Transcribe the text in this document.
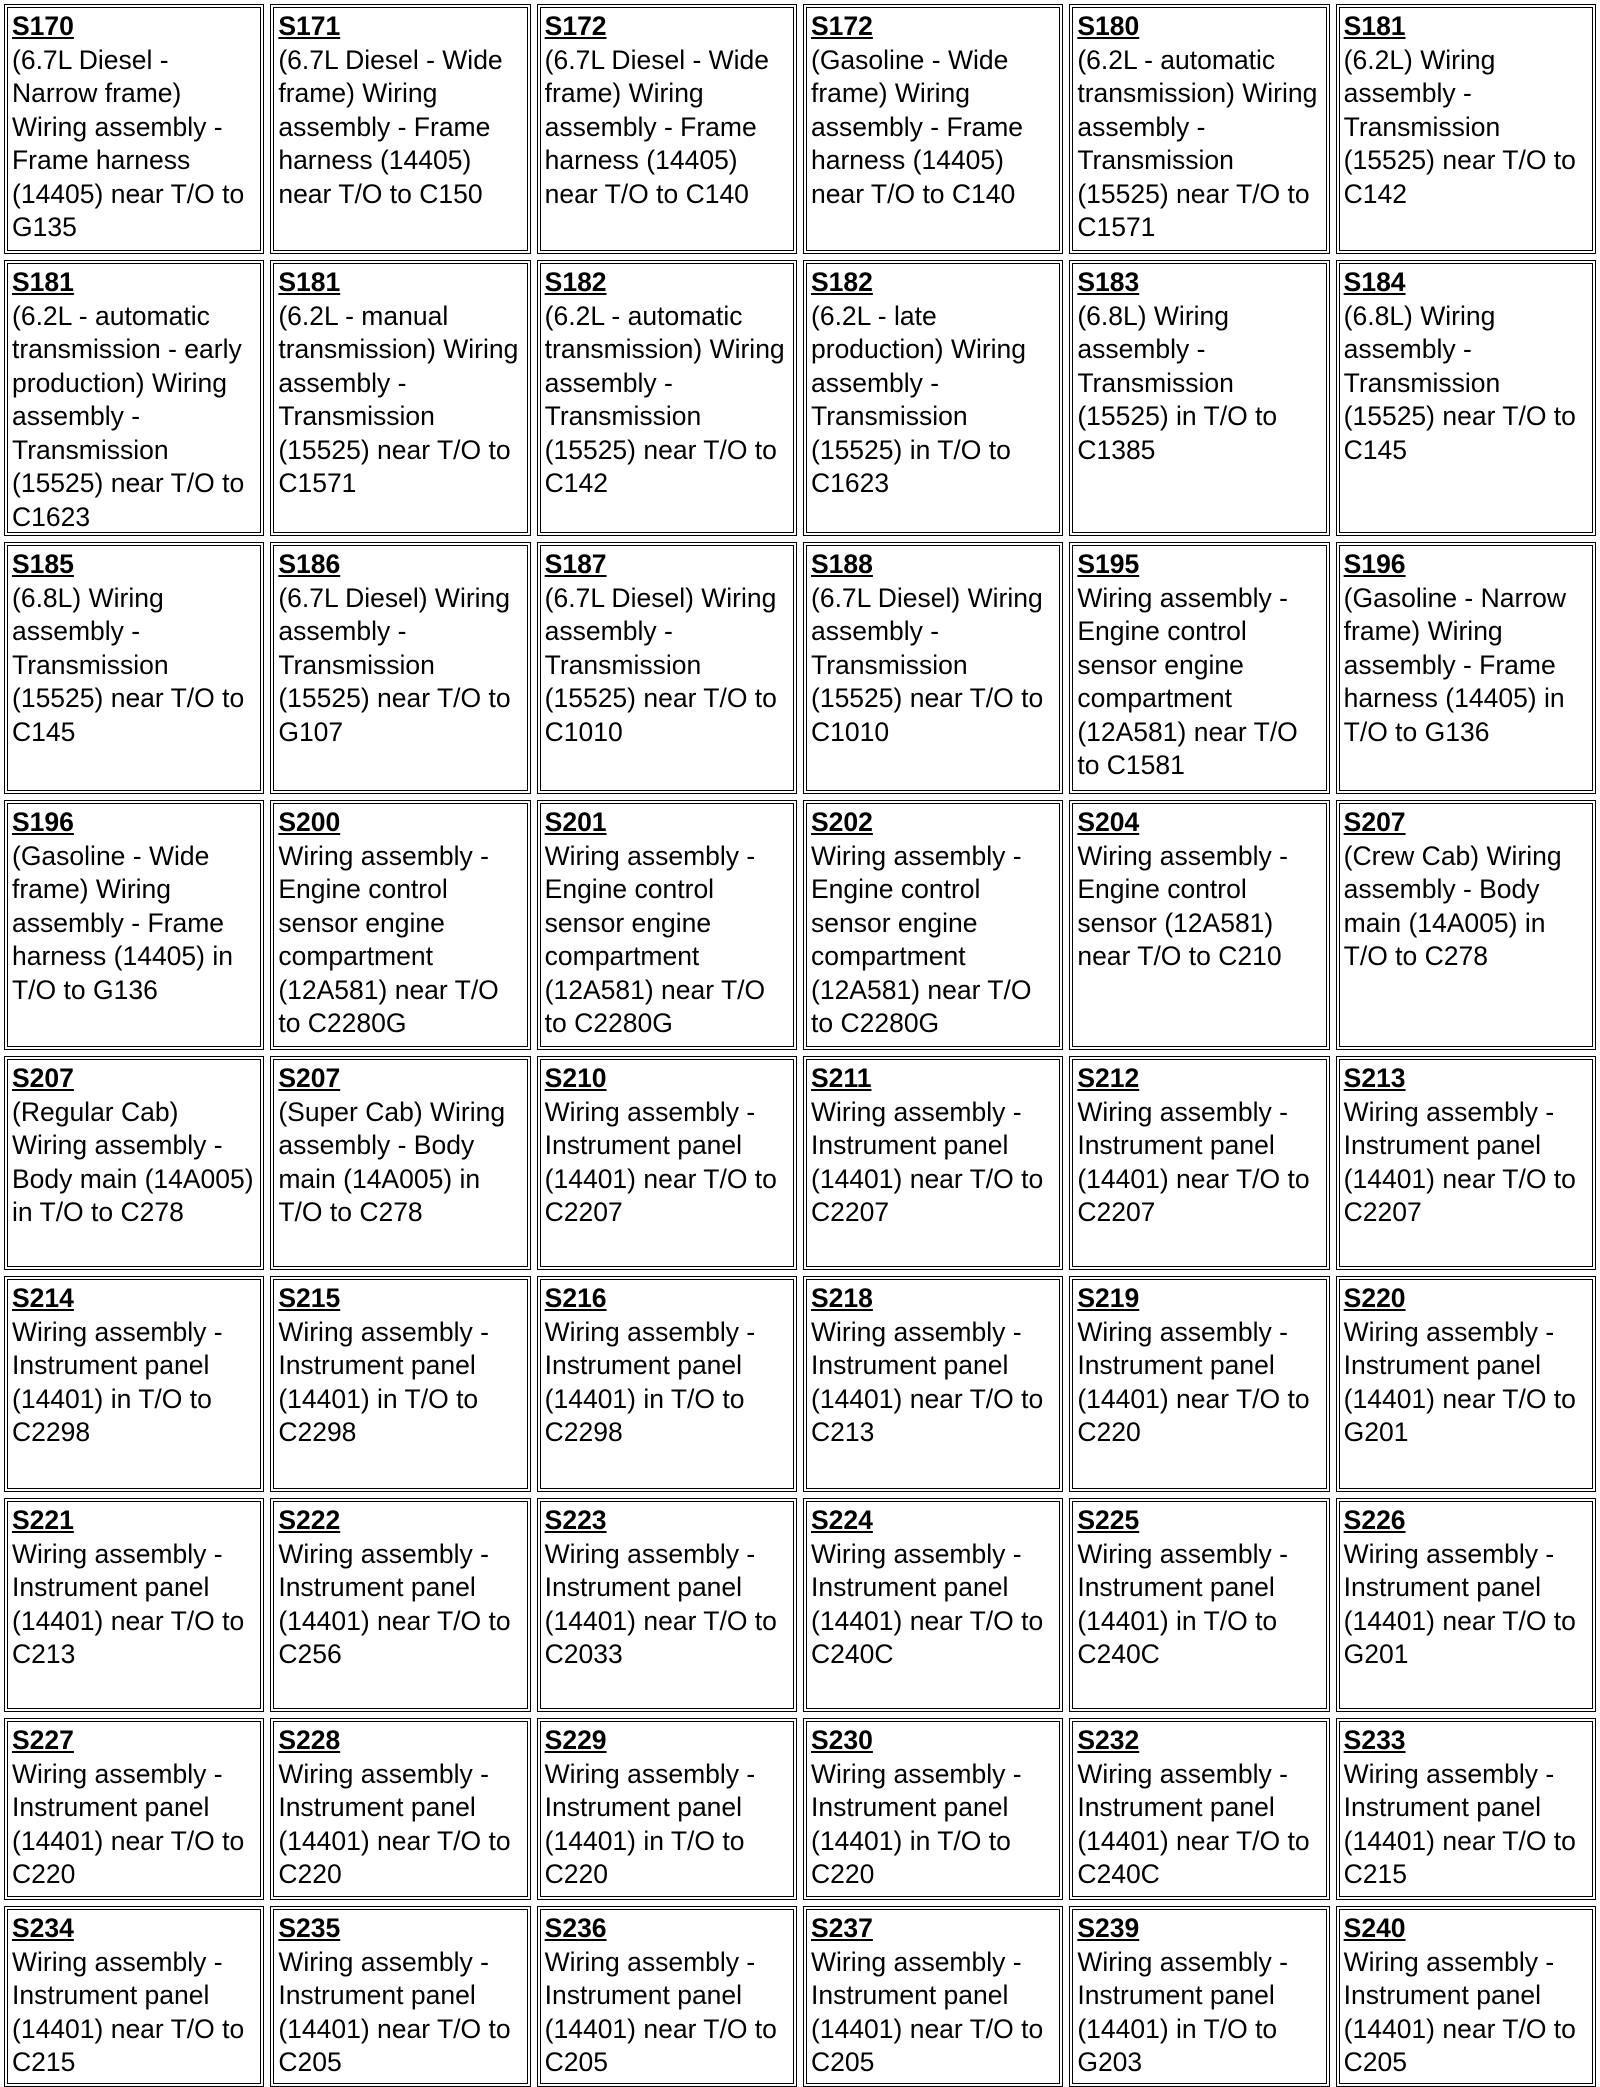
S170
(6.7L Diesel - Narrow frame) Wiring assembly - Frame harness (14405) near T/O to G135
S171
(6.7L Diesel - Wide frame) Wiring assembly - Frame harness (14405) near T/O to C150
S172
(6.7L Diesel - Wide frame) Wiring assembly - Frame harness (14405) near T/O to C140
S172
(Gasoline - Wide frame) Wiring assembly - Frame harness (14405) near T/O to C140
S180
(6.2L - automatic transmission) Wiring assembly - Transmission (15525) near T/O to C1571
S181
(6.2L) Wiring assembly - Transmission (15525) near T/O to C142
S181
(6.2L - automatic transmission - early production) Wiring assembly - Transmission (15525) near T/O to C1623
S181
(6.2L - manual transmission) Wiring assembly - Transmission (15525) near T/O to C1571
S182
(6.2L - automatic transmission) Wiring assembly - Transmission (15525) near T/O to C142
S182
(6.2L - late production) Wiring assembly - Transmission (15525) in T/O to C1623
S183
(6.8L) Wiring assembly - Transmission (15525) in T/O to C1385
S184
(6.8L) Wiring assembly - Transmission (15525) near T/O to C145
S185
(6.8L) Wiring assembly - Transmission (15525) near T/O to C145
S186
(6.7L Diesel) Wiring assembly - Transmission (15525) near T/O to G107
S187
(6.7L Diesel) Wiring assembly - Transmission (15525) near T/O to C1010
S188
(6.7L Diesel) Wiring assembly - Transmission (15525) near T/O to C1010
S195
Wiring assembly - Engine control sensor engine compartment (12A581) near T/O to C1581
S196
(Gasoline - Narrow frame) Wiring assembly - Frame harness (14405) in T/O to G136
S196
(Gasoline - Wide frame) Wiring assembly - Frame harness (14405) in T/O to G136
S200
Wiring assembly - Engine control sensor engine compartment (12A581) near T/O to C2280G
S201
Wiring assembly - Engine control sensor engine compartment (12A581) near T/O to C2280G
S202
Wiring assembly - Engine control sensor engine compartment (12A581) near T/O to C2280G
S204
Wiring assembly - Engine control sensor (12A581) near T/O to C210
S207
(Crew Cab) Wiring assembly - Body main (14A005) in T/O to C278
S207
(Regular Cab) Wiring assembly - Body main (14A005) in T/O to C278
S207
(Super Cab) Wiring assembly - Body main (14A005) in T/O to C278
S210
Wiring assembly - Instrument panel (14401) near T/O to C2207
S211
Wiring assembly - Instrument panel (14401) near T/O to C2207
S212
Wiring assembly - Instrument panel (14401) near T/O to C2207
S213
Wiring assembly - Instrument panel (14401) near T/O to C2207
S214
Wiring assembly - Instrument panel (14401) in T/O to C2298
S215
Wiring assembly - Instrument panel (14401) in T/O to C2298
S216
Wiring assembly - Instrument panel (14401) in T/O to C2298
S218
Wiring assembly - Instrument panel (14401) near T/O to C213
S219
Wiring assembly - Instrument panel (14401) near T/O to C220
S220
Wiring assembly - Instrument panel (14401) near T/O to G201
S221
Wiring assembly - Instrument panel (14401) near T/O to C213
S222
Wiring assembly - Instrument panel (14401) near T/O to C256
S223
Wiring assembly - Instrument panel (14401) near T/O to C2033
S224
Wiring assembly - Instrument panel (14401) near T/O to C240C
S225
Wiring assembly - Instrument panel (14401) in T/O to C240C
S226
Wiring assembly - Instrument panel (14401) near T/O to G201
S227
Wiring assembly - Instrument panel (14401) near T/O to C220
S228
Wiring assembly - Instrument panel (14401) near T/O to C220
S229
Wiring assembly - Instrument panel (14401) in T/O to C220
S230
Wiring assembly - Instrument panel (14401) in T/O to C220
S232
Wiring assembly - Instrument panel (14401) near T/O to C240C
S233
Wiring assembly - Instrument panel (14401) near T/O to C215
S234
Wiring assembly - Instrument panel (14401) near T/O to C215
S235
Wiring assembly - Instrument panel (14401) near T/O to C205
S236
Wiring assembly - Instrument panel (14401) near T/O to C205
S237
Wiring assembly - Instrument panel (14401) near T/O to C205
S239
Wiring assembly - Instrument panel (14401) in T/O to G203
S240
Wiring assembly - Instrument panel (14401) near T/O to C205
